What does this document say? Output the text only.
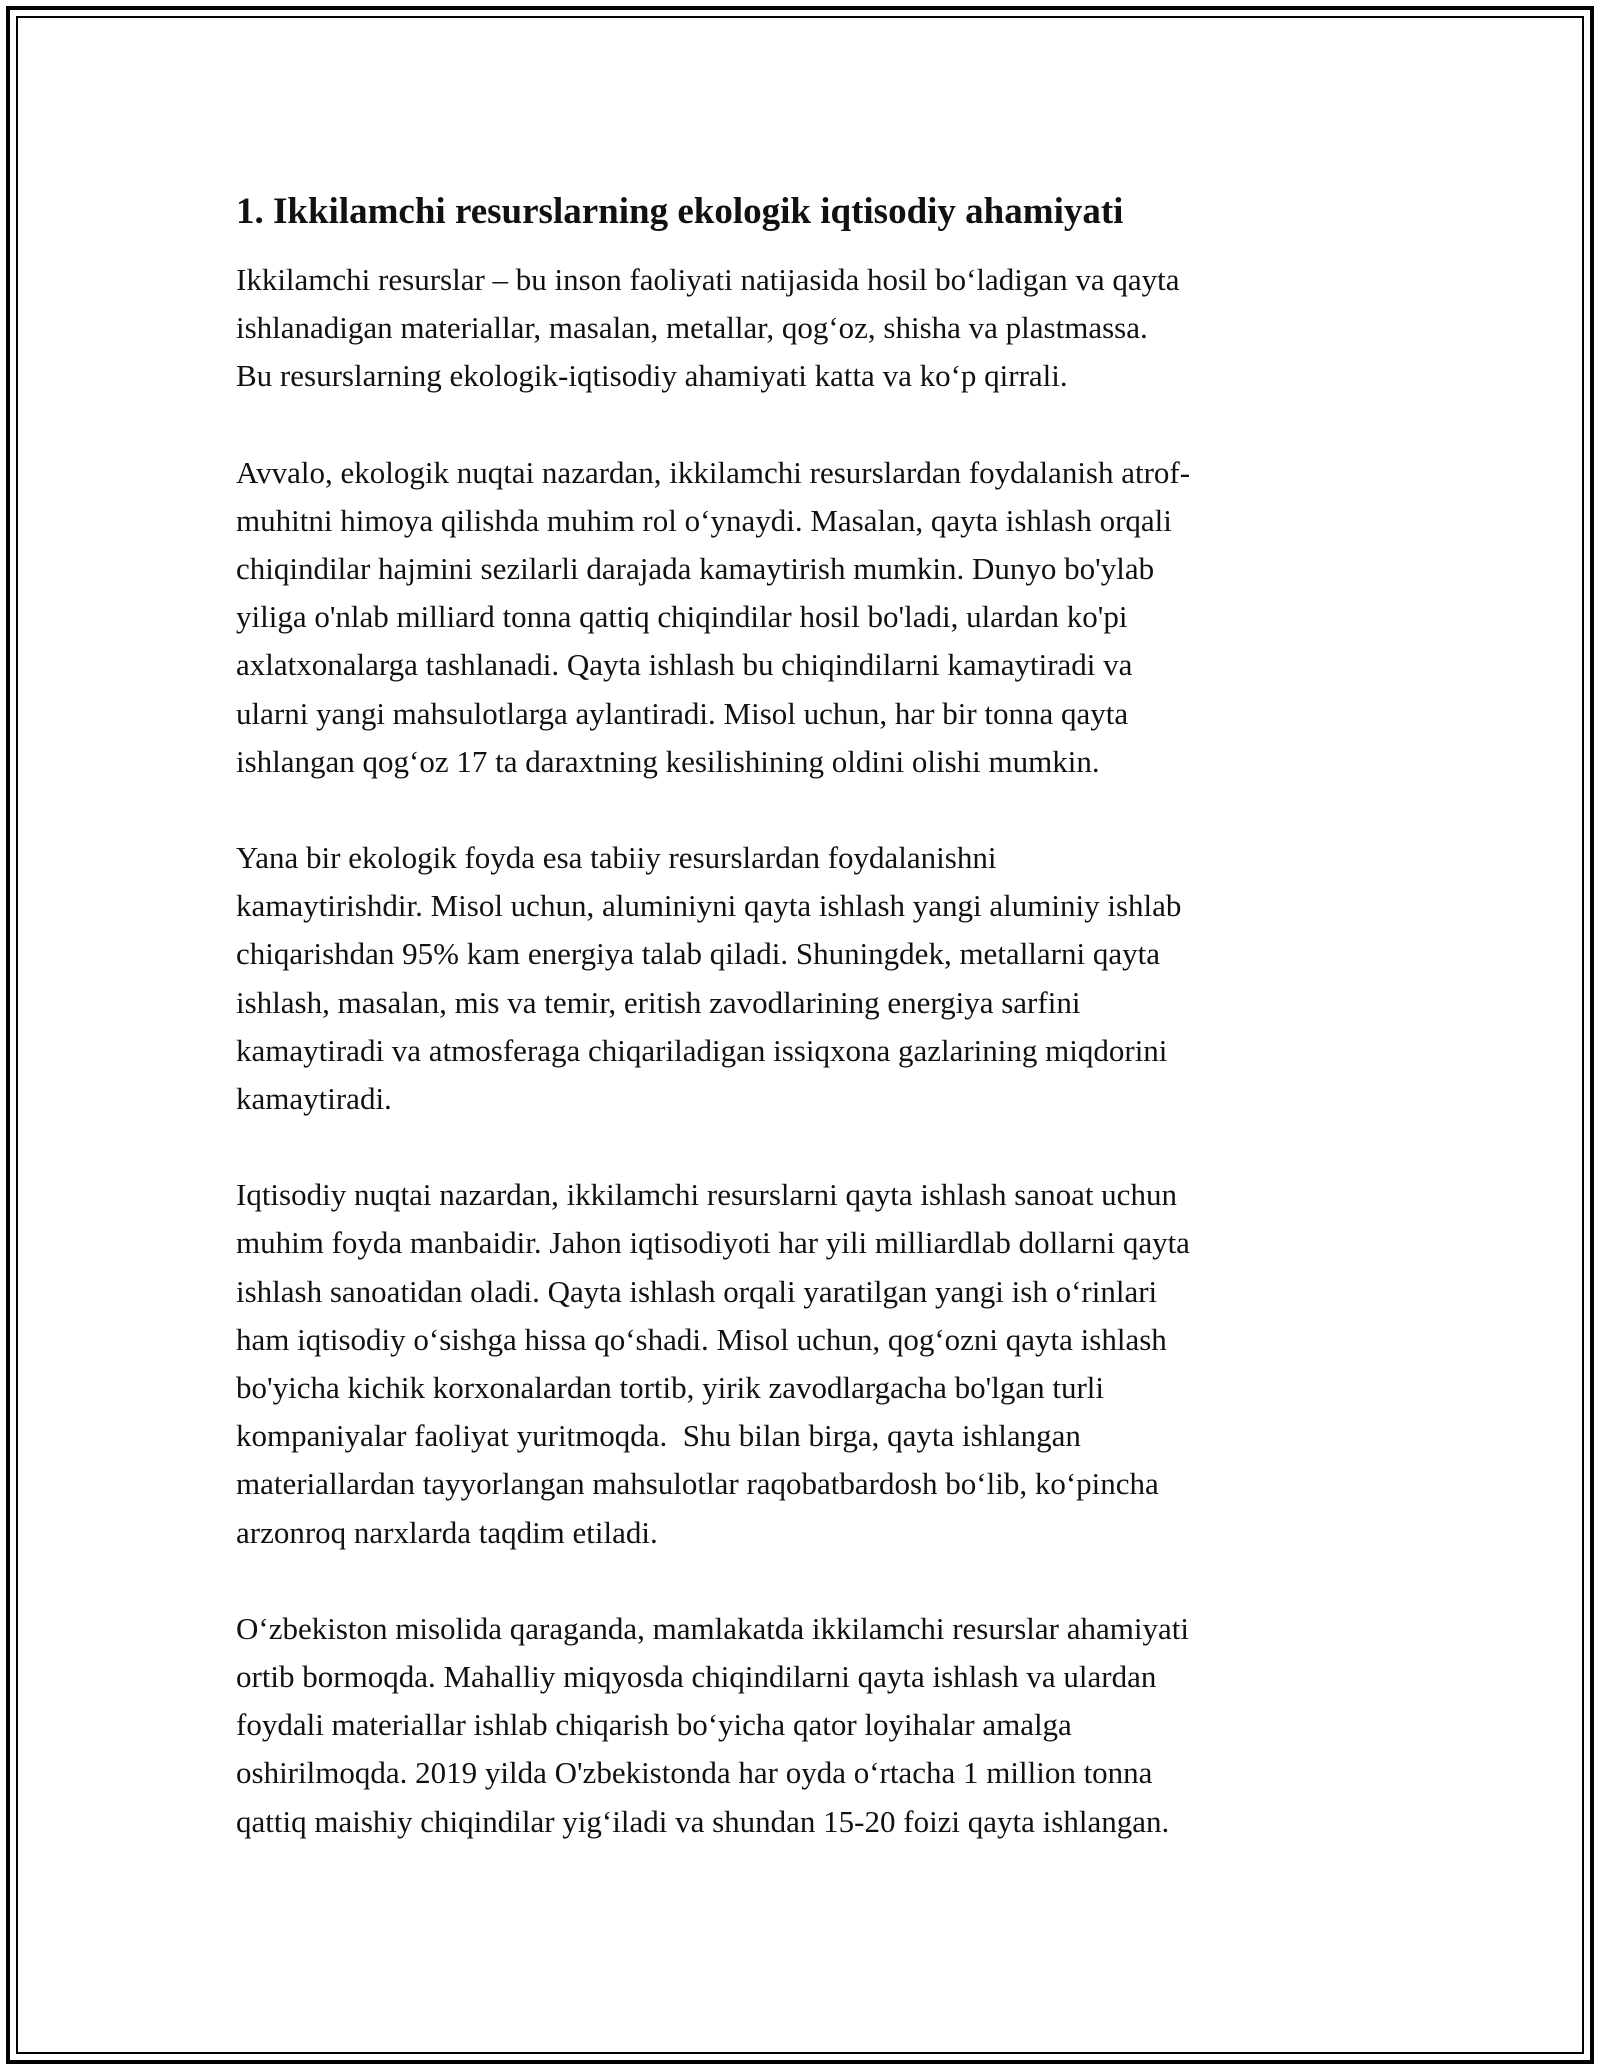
1. Ikkilamchi resurslarning ekologik iqtisodiy ahamiyati

Ikkilamchi resurslar – bu inson faoliyati natijasida hosil boʻladigan va qayta
ishlanadigan materiallar, masalan, metallar, qogʻoz, shisha va plastmassa.
Bu resurslarning ekologik-iqtisodiy ahamiyati katta va koʻp qirrali.

Avvalo, ekologik nuqtai nazardan, ikkilamchi resurslardan foydalanish atrof-
muhitni himoya qilishda muhim rol oʻynaydi. Masalan, qayta ishlash orqali
chiqindilar hajmini sezilarli darajada kamaytirish mumkin. Dunyo bo'ylab
yiliga o'nlab milliard tonna qattiq chiqindilar hosil bo'ladi, ulardan ko'pi
axlatxonalarga tashlanadi. Qayta ishlash bu chiqindilarni kamaytiradi va
ularni yangi mahsulotlarga aylantiradi. Misol uchun, har bir tonna qayta
ishlangan qogʻoz 17 ta daraxtning kesilishining oldini olishi mumkin.

Yana bir ekologik foyda esa tabiiy resurslardan foydalanishni
kamaytirishdir. Misol uchun, aluminiyni qayta ishlash yangi aluminiy ishlab
chiqarishdan 95% kam energiya talab qiladi. Shuningdek, metallarni qayta
ishlash, masalan, mis va temir, eritish zavodlarining energiya sarfini
kamaytiradi va atmosferaga chiqariladigan issiqxona gazlarining miqdorini
kamaytiradi.

Iqtisodiy nuqtai nazardan, ikkilamchi resurslarni qayta ishlash sanoat uchun
muhim foyda manbaidir. Jahon iqtisodiyoti har yili milliardlab dollarni qayta
ishlash sanoatidan oladi. Qayta ishlash orqali yaratilgan yangi ish oʻrinlari
ham iqtisodiy oʻsishga hissa qoʻshadi. Misol uchun, qogʻozni qayta ishlash
bo'yicha kichik korxonalardan tortib, yirik zavodlargacha bo'lgan turli
kompaniyalar faoliyat yuritmoqda.  Shu bilan birga, qayta ishlangan
materiallardan tayyorlangan mahsulotlar raqobatbardosh boʻlib, koʻpincha
arzonroq narxlarda taqdim etiladi.

Oʻzbekiston misolida qaraganda, mamlakatda ikkilamchi resurslar ahamiyati
ortib bormoqda. Mahalliy miqyosda chiqindilarni qayta ishlash va ulardan
foydali materiallar ishlab chiqarish boʻyicha qator loyihalar amalga
oshirilmoqda. 2019 yilda O'zbekistonda har oyda oʻrtacha 1 million tonna
qattiq maishiy chiqindilar yigʻiladi va shundan 15-20 foizi qayta ishlangan.
